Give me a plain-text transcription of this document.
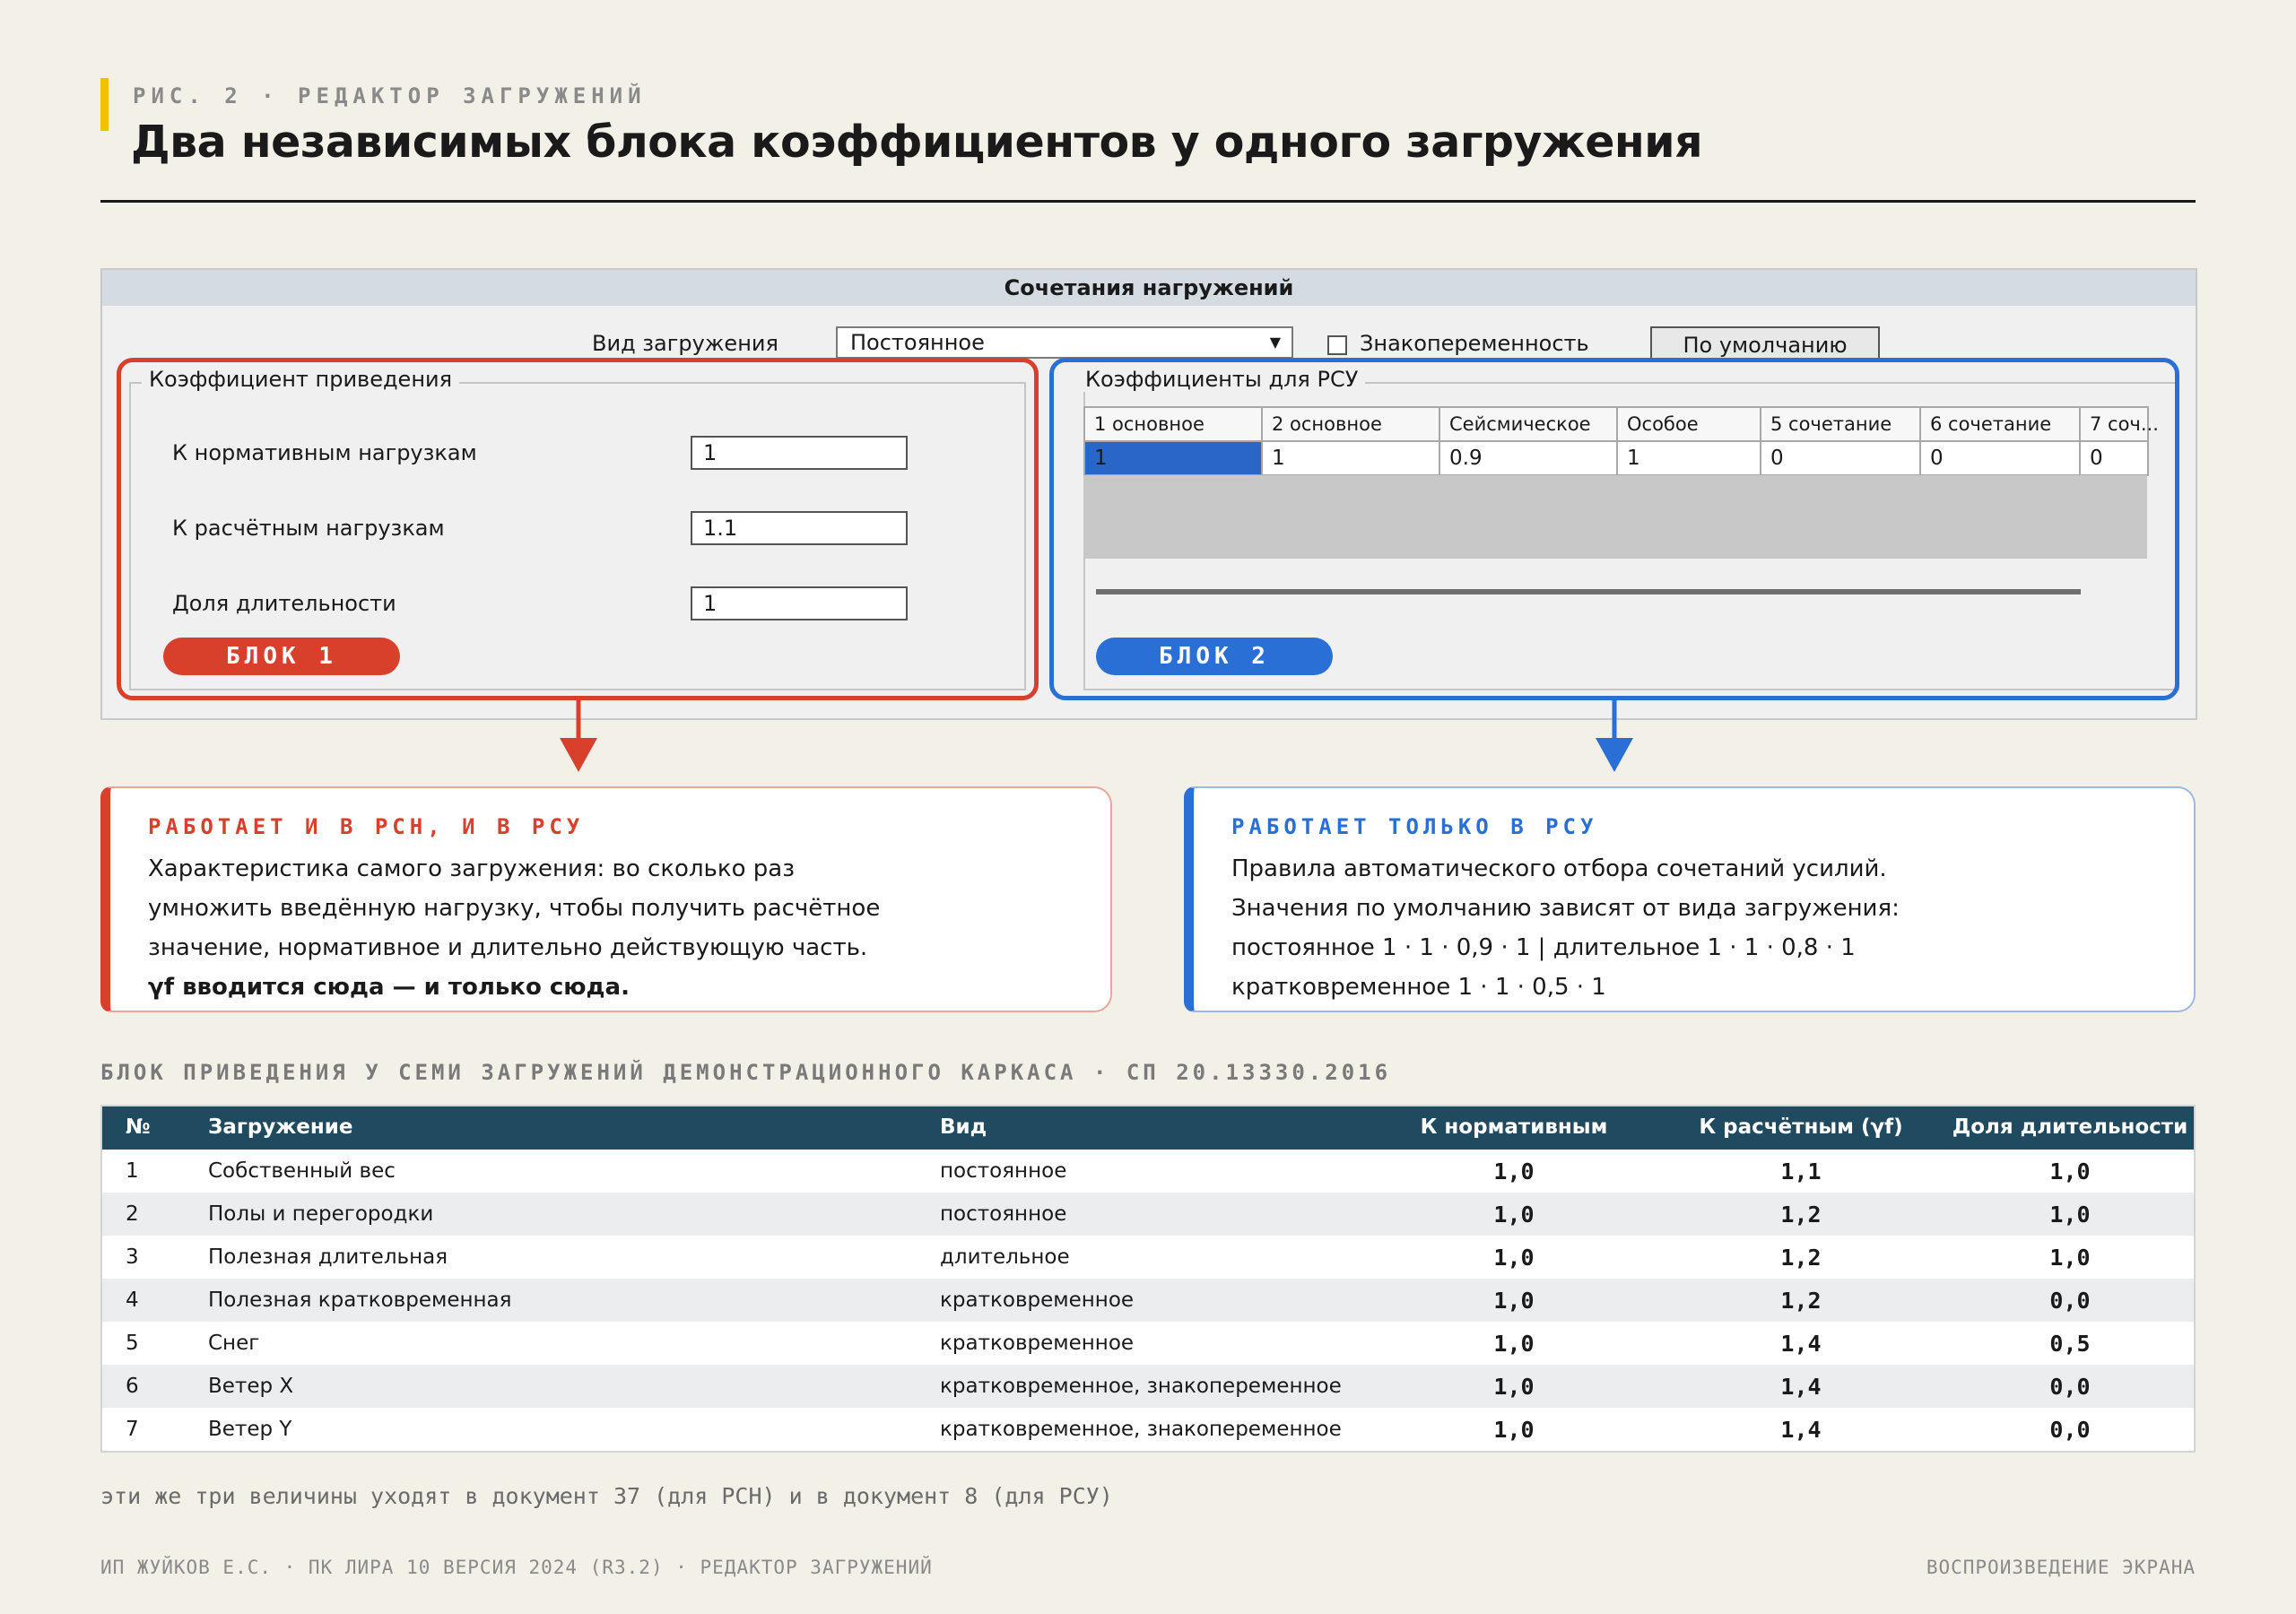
РИС. 2 · РЕДАКТОР ЗАГРУЖЕНИЙ
Два независимых блока коэффициентов у одного загружения
Сочетания нагружений
Вид загружения	Постоянное	▼	Знакопеременность	По умолчанию
Коэффициент приведения
К нормативным нагрузкам	1
К расчётным нагрузкам	1.1
Доля длительности	1
БЛОК 1
Коэффициенты для РСУ
1 основное	2 основное	Сейсмическое	Особое	5 сочетание	6 сочетание	7 соч...
1	1	0.9	1	0	0	0
БЛОК 2
РАБОТАЕТ И В РСН, И В РСУ
Характеристика самого загружения: во сколько раз
умножить введённую нагрузку, чтобы получить расчётное
значение, нормативное и длительно действующую часть.
γf вводится сюда — и только сюда.
РАБОТАЕТ ТОЛЬКО В РСУ
Правила автоматического отбора сочетаний усилий.
Значения по умолчанию зависят от вида загружения:
постоянное 1 · 1 · 0,9 · 1 | длительное 1 · 1 · 0,8 · 1
кратковременное 1 · 1 · 0,5 · 1
БЛОК ПРИВЕДЕНИЯ У СЕМИ ЗАГРУЖЕНИЙ ДЕМОНСТРАЦИОННОГО КАРКАСА · СП 20.13330.2016
№	Загружение	Вид	К нормативным	К расчётным (γf)	Доля длительности
1	Собственный вес	постоянное	1,0	1,1	1,0
2	Полы и перегородки	постоянное	1,0	1,2	1,0
3	Полезная длительная	длительное	1,0	1,2	1,0
4	Полезная кратковременная	кратковременное	1,0	1,2	0,0
5	Снег	кратковременное	1,0	1,4	0,5
6	Ветер X	кратковременное, знакопеременное	1,0	1,4	0,0
7	Ветер Y	кратковременное, знакопеременное	1,0	1,4	0,0
эти же три величины уходят в документ 37 (для РСН) и в документ 8 (для РСУ)
ИП ЖУЙКОВ Е.С. · ПК ЛИРА 10 ВЕРСИЯ 2024 (R3.2) · РЕДАКТОР ЗАГРУЖЕНИЙ	ВОСПРОИЗВЕДЕНИЕ ЭКРАНА
